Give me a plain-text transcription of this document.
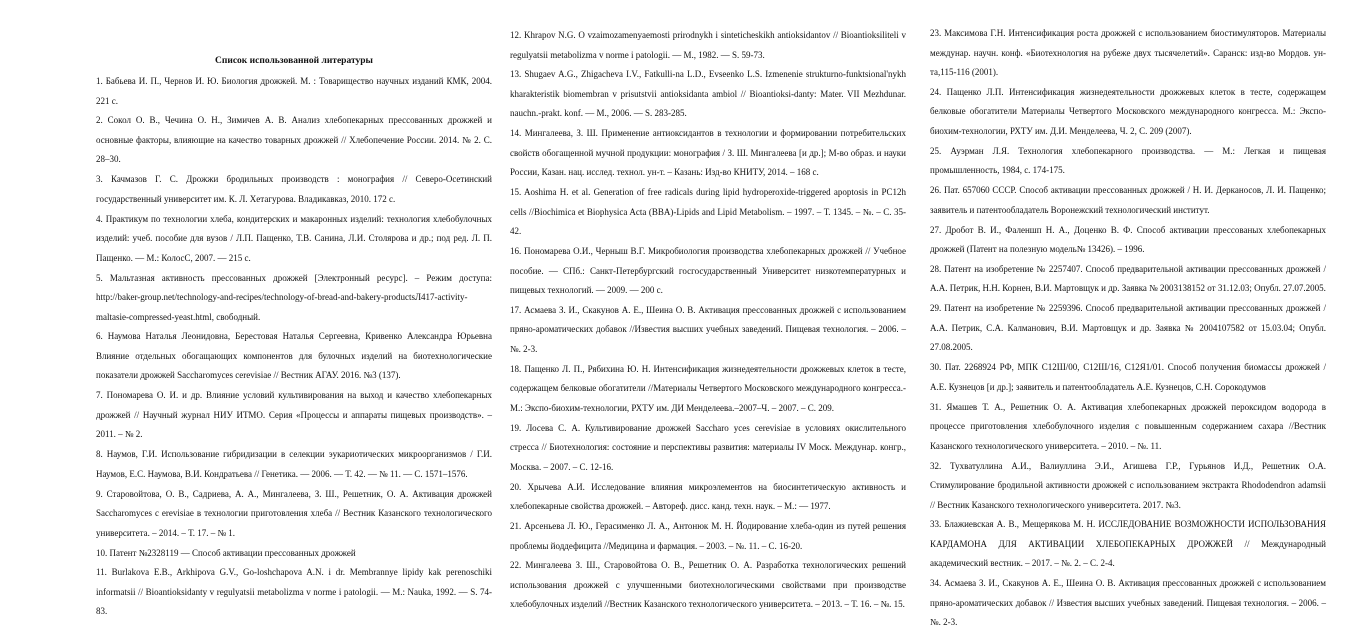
Список использованной литературы
1. Бабьева И. П., Чернов И. Ю. Биология дрожжей. М. : Товарищество научных изданий КМК, 2004. 221 с.
2. Сокол О. В., Чечина О. Н., Зимичев А. В. Анализ хлебопекарных прессованных дрожжей и основные факторы, влияющие на качество товарных дрожжей // Хлебопечение России. 2014. № 2. С. 28–30.
3. Качмазов Г. С. Дрожжи бродильных производств : монография // Северо-Осетинский государственный университет им. К. Л. Хетагурова. Владикавказ, 2010. 172 с.
4. Практикум по технологии хлеба, кондитерских и макаронных изделий: технология хлебобулочных изделий: учеб. пособие для вузов / Л.П. Пащенко, Т.В. Санина, Л.И. Столярова и др.; под ред. Л. П. Пащенко. — М.: КолосС, 2007. — 215 с.
5. Мальтазная активность прессованных дрожжей [Электронный ресурс]. – Режим доступа: http://baker-group.net/technology-and-recipes/technology-of-bread-and-bakery-productsЛ417-activity-maltasie-compressed-yeast.html, свободный.
6. Наумова Наталья Леонидовна, Берестовая Наталья Сергеевна, Кривенко Александра Юрьевна Влияние отдельных обогащающих компонентов для булочных изделий на биотехнологические показатели дрожжей Saccharomyces cerevisiae // Вестник АГАУ. 2016. №3 (137).
7. Пономарева О. И. и др. Влияние условий культивирования на выход и качество хлебопекарных дрожжей // Научный журнал НИУ ИТМО. Серия «Процессы и аппараты пищевых производств». – 2011. – № 2.
8. Наумов, Г.И. Использование гибридизации в селекции эукариотических микроорганизмов / Г.И. Наумов, Е.С. Наумова, В.И. Кондратьева // Генетика. — 2006. — Т. 42. — № 11. — С. 1571–1576.
9. Старовойтова, О. В., Садриева, А. А., Мингалеева, З. Ш., Решетник, О. А. Активация дрожжей Saccharomyces c erevisiae в технологии приготовления хлеба // Вестник Казанского технологического университета. – 2014. – Т. 17. – № 1.
10. Патент №2328119 — Способ активации прессованных дрожжей
11. Burlakova E.B., Arkhipova G.V., Go-loshchapova A.N. i dr. Membrannye lipidy kak perenoschiki informatsii // Bioantioksidanty v regulyatsii metabolizma v norme i patologii. — M.: Nauka, 1992. — S. 74-83.
12. Khrapov N.G. O vzaimozamenyaemosti prirodnykh i sinteticheskikh antioksidantov // Bioantioksiliteli v regulyatsii metabolizma v norme i patologii. — M., 1982. — S. 59-73.
13. Shugaev A.G., Zhigacheva I.V., Fatkulli-na L.D., Evseenko L.S. Izmenenie strukturno-funktsional'nykh kharakteristik biomembran v prisutstvii antioksidanta ambiol // Bioantioksi-danty: Mater. VII Mezhdunar. nauchn.-prakt. konf. — M., 2006. — S. 283-285.
14. Мингалеева, З. Ш. Применение антиоксидантов в технологии и формировании потребительских свойств обогащенной мучной продукции: монография / З. Ш. Мингалеева [и др.]; М-во образ. и науки России, Казан. нац. исслед. технол. ун-т. – Казань: Изд-во КНИТУ, 2014. – 168 с.
15. Aoshima H. et al. Generation of free radicals during lipid hydroperoxide-triggered apoptosis in PC12h cells //Biochimica et Biophysica Acta (BBA)-Lipids and Lipid Metabolism. – 1997. – Т. 1345. – №. – С. 35-42.
16. Пономарева О.И., Черныш В.Г. Микробиология производства хлебопекарных дрожжей // Учебное пособие. — СПб.: Санкт-Петербургский госгосударственный Университет низкотемпературных и пищевых технологий. — 2009. — 200 с.
17. Асмаева З. И., Скакунов А. Е., Шеина О. В. Активация прессованных дрожжей с использованием пряно-ароматических добавок //Известия высших учебных заведений. Пищевая технология. – 2006. – №. 2-3.
18. Пащенко Л. П., Рябихина Ю. Н. Интенсификация жизнедеятельности дрожжевых клеток в тесте, содержащем белковые обогатители //Материалы Четвертого Московского международного конгресса.-М.: Экспо-биохим-технологии, РХТУ им. ДИ Менделеева.–2007–Ч. – 2007. – С. 209.
19. Лосева С. А. Культивирование дрожжей Saccharo yces cerevisiae в условиях окислительного стресса // Биотехнология: состояние и перспективы развития: материалы IV Моск. Междунар. конгр., Москва. – 2007. – С. 12-16.
20. Хрычева А.И. Исследование влияния микроэлементов на биосинтетическую активность и хлебопекарные свойства дрожжей. – Автореф. дисс. канд. техн. наук. – М.: — 1977.
21. Арсеньева Л. Ю., Герасименко Л. А., Антонюк М. Н. Йодирование хлеба-один из путей решения проблемы йоддефицита //Медицина и фармация. – 2003. – №. 11. – С. 16-20.
22. Мингалеева З. Ш., Старовойтова О. В., Решетник О. А. Разработка технологических решений использования дрожжей с улучшенными биотехнологическими свойствами при производстве хлебобулочных изделий //Вестник Казанского технологического университета. – 2013. – Т. 16. – №. 15.
23. Максимова Г.Н. Интенсификация роста дрожжей с использованием биостимуляторов. Материалы междунар. научн. конф. «Биотехнология на рубеже двух тысячелетий». Саранск: изд-во Мордов. ун-та,115-116 (2001).
24. Пащенко Л.П. Интенсификация жизнедеятельности дрожжевых клеток в тесте, содержащем белковые обогатители Материалы Четвертого Московского международного конгресса. М.: Экспо-биохим-технологии, РХТУ им. Д.И. Менделеева, Ч. 2, С. 209 (2007).
25. Ауэрман Л.Я. Технология хлебопекарного производства. — М.: Легкая и пищевая промышленность, 1984, с. 174-175.
26. Пат. 657060 СССР. Способ активации прессованных дрожжей / Н. И. Дерканосов, Л. И. Пащенко; заявитель и патентообладатель Воронежский технологический институт.
27. Дробот В. И., Фаленшп Н. А., Доценко В. Ф. Способ активации прессованых хлебопекарных дрожжей (Патент на полезную модель№ 13426). – 1996.
28. Патент на изобретение № 2257407. Способ предварительной активации прессованных дрожжей / А.А. Петрик, Н.Н. Корнен, В.И. Мартовщук и др. Заявка № 2003138152 от 31.12.03; Опубл. 27.07.2005.
29. Патент на изобретение № 2259396. Способ предварительной активации прессованных дрожжей / А.А. Петрик, С.А. Калманович, В.И. Мартовщук и др. Заявка № 2004107582 от 15.03.04; Опубл. 27.08.2005.
30. Пат. 2268924 РФ, МПК C12Ш/00, C12Ш/16, C12Я1/01. Способ получения биомассы дрожжей / А.Е. Кузнецов [и др.]; заявитель и патентообладатель А.Е. Кузнецов, С.Н. Сорокодумов
31. Ямашев Т. А., Решетник О. А. Активация хлебопекарных дрожжей пероксидом водорода в процессе приготовления хлебобулочного изделия с повышенным содержанием сахара //Вестник Казанского технологического университета. – 2010. – №. 11.
32. Тухватуллина А.И., Валиуллина Э.И., Агишева Г.Р., Гурьянов И.Д., Решетник О.А. Стимулирование бродильной активности дрожжей с использованием экстракта Rhododendron adamsii // Вестник Казанского технологического университета. 2017. №3.
33. Блажиевская А. В., Мещерякова М. Н. ИССЛЕДОВАНИЕ ВОЗМОЖНОСТИ ИСПОЛЬЗОВАНИЯ КАРДАМОНА ДЛЯ АКТИВАЦИИ ХЛЕБОПЕКАРНЫХ ДРОЖЖЕЙ // Международный академический вестник. – 2017. – №. 2. – С. 2-4.
34. Асмаева З. И., Скакунов А. Е., Шеина О. В. Активация прессованных дрожжей с использованием пряно-ароматических добавок // Известия высших учебных заведений. Пищевая технология. – 2006. – №. 2-3.
